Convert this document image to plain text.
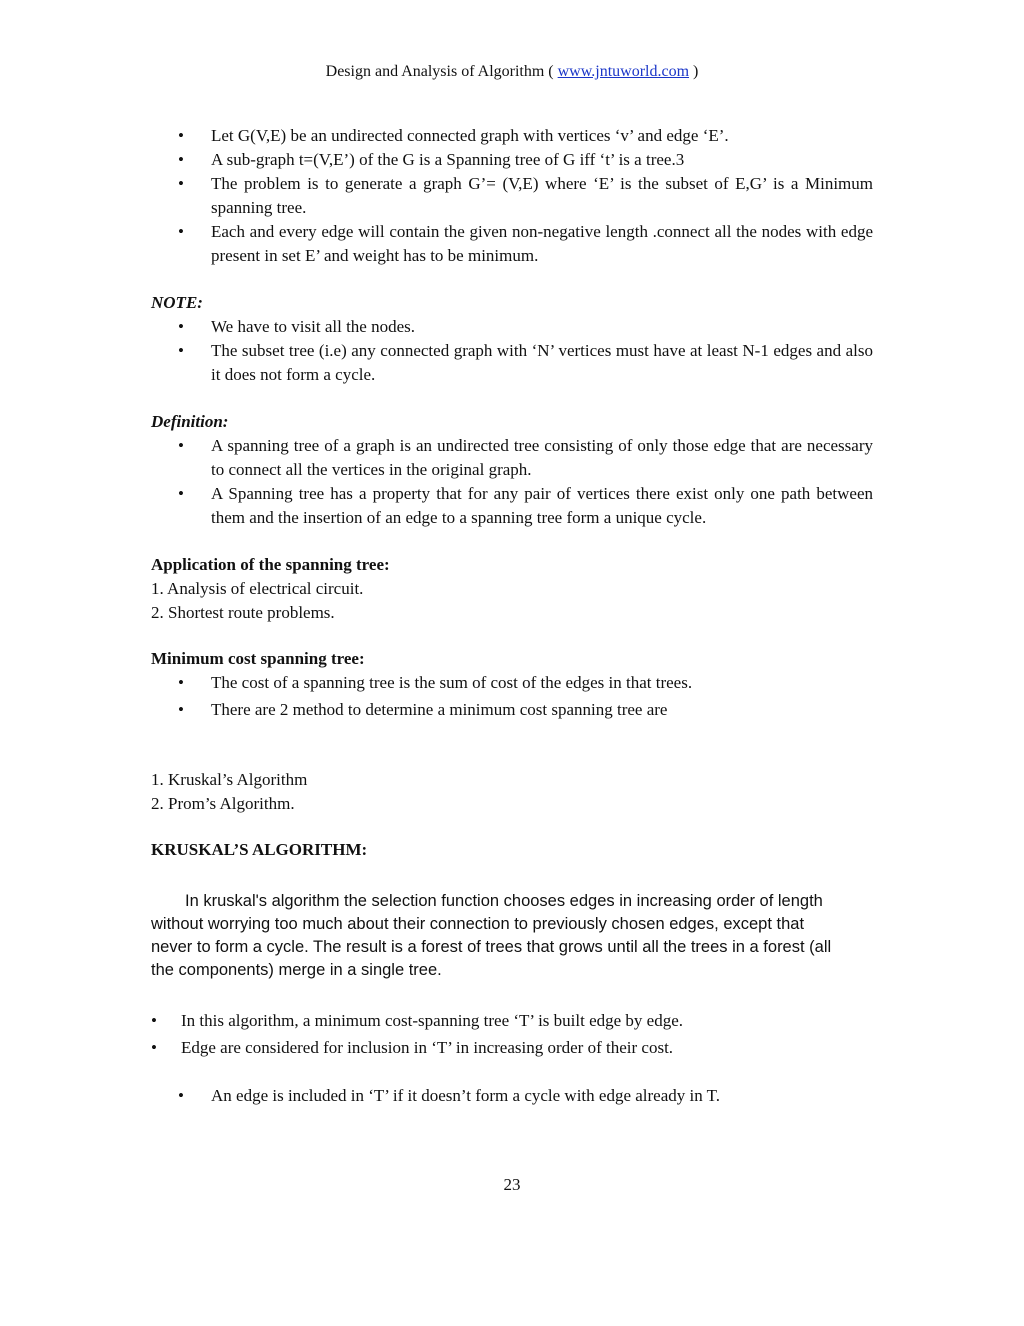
Design and Analysis of Algorithm ( www.jntuworld.com )
• Let G(V,E) be an undirected connected graph with vertices ‘v’ and edge ‘E’.
• A sub-graph t=(V,E’) of the G is a Spanning tree of G iff ‘t’ is a tree.3
• The problem is to generate a graph G’= (V,E) where ‘E’ is the subset of E,G’ is a Minimum spanning tree.
• Each and every edge will contain the given non-negative length .connect all the nodes with edge present in set E’ and weight has to be minimum.
NOTE:
• We have to visit all the nodes.
• The subset tree (i.e) any connected graph with ‘N’ vertices must have at least N-1 edges and also it does not form a cycle.
Definition:
• A spanning tree of a graph is an undirected tree consisting of only those edge that are necessary to connect all the vertices in the original graph.
• A Spanning tree has a property that for any pair of vertices there exist only one path between them and the insertion of an edge to a spanning tree form a unique cycle.
Application of the spanning tree:

1. Analysis of electrical circuit.

2. Shortest route problems.

Minimum cost spanning tree:
• The cost of a spanning tree is the sum of cost of the edges in that trees.
• There are 2 method to determine a minimum cost spanning tree are

1. Kruskal’s Algorithm

2. Prom’s Algorithm.

KRUSKAL’S ALGORITHM:

In kruskal's algorithm the selection function chooses edges in increasing order of length without worrying too much about their connection to previously chosen edges, except that never to form a cycle. The result is a forest of trees that grows until all the trees in a forest (all the components) merge in a single tree.

• In this algorithm, a minimum cost-spanning tree ‘T’ is built edge by edge.
• Edge are considered for inclusion in ‘T’ in increasing order of their cost.
• An edge is included in ‘T’ if it doesn’t form a cycle with edge already in T.
23
